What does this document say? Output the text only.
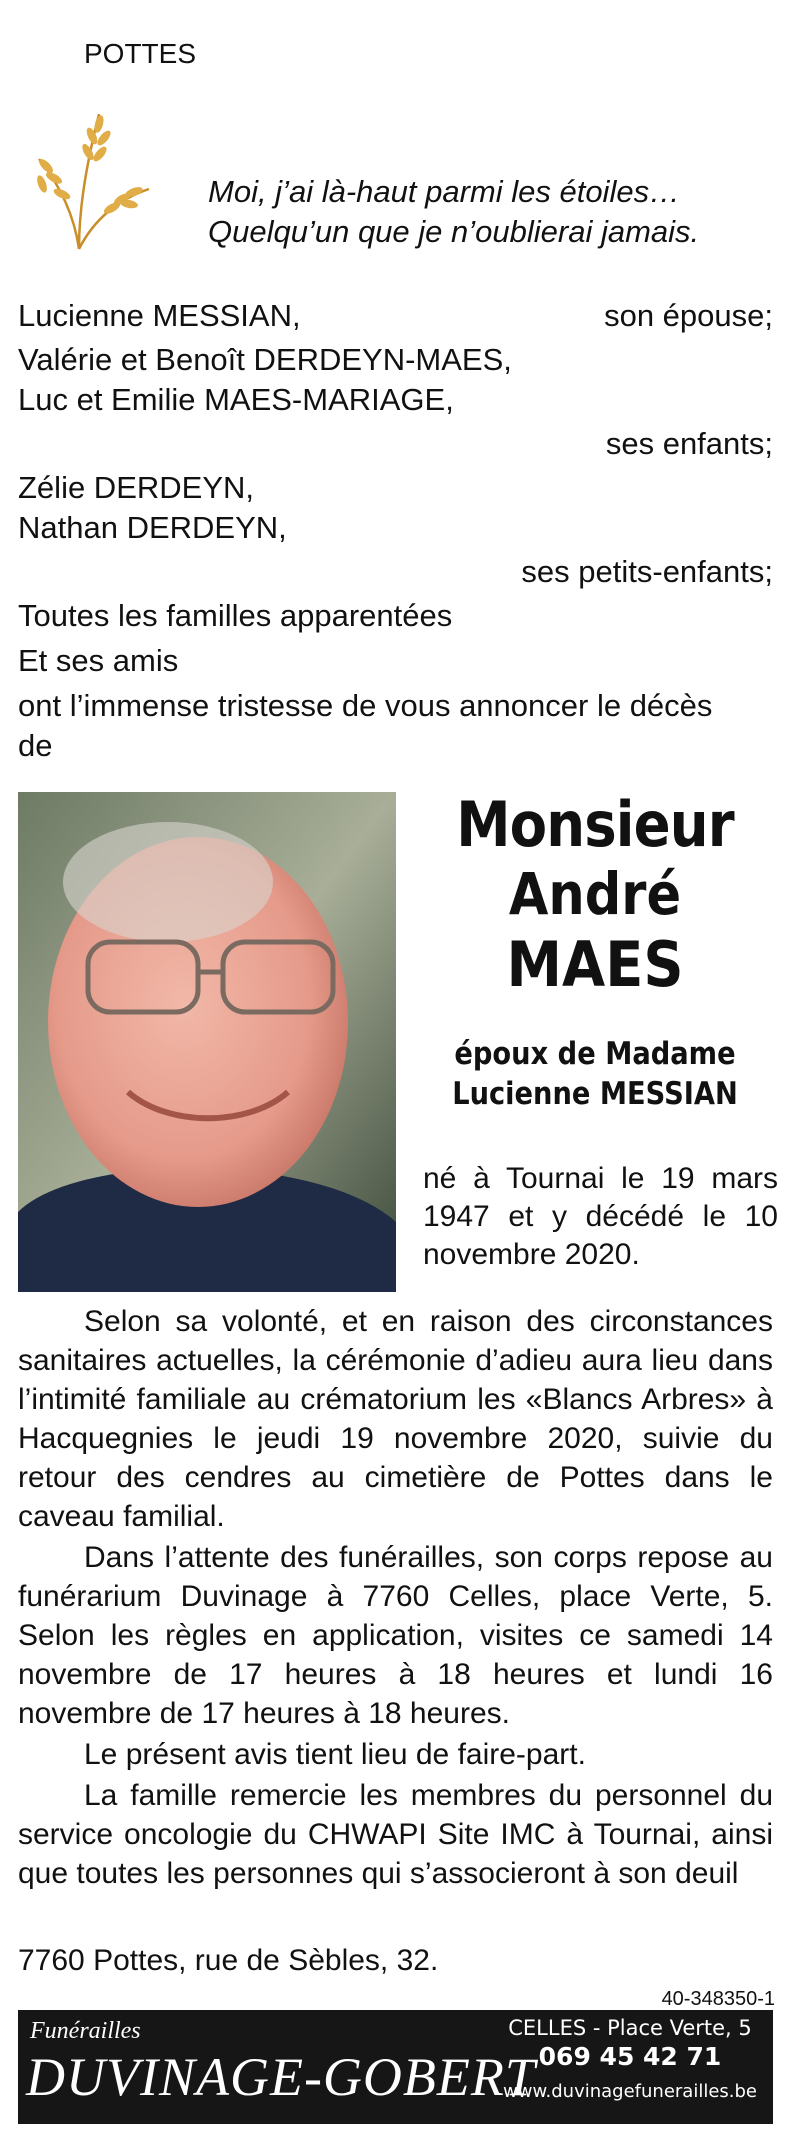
POTTES
Moi, j’ai là-haut parmi les étoiles…
Quelqu’un que je n’oublierai jamais.
Lucienne MESSIAN,	son épouse;
Valérie et Benoît DERDEYN-MAES,
Luc et Emilie MAES-MARIAGE,
ses enfants;
Zélie DERDEYN,
Nathan DERDEYN,
ses petits-enfants;
Toutes les familles apparentées
Et ses amis
ont l’immense tristesse de vous annoncer le décès
de
Monsieur
André
MAES
époux de Madame
Lucienne MESSIAN
né à Tournai le 19 mars 1947 et y décédé le 10 novembre 2020.

Selon sa volonté, et en raison des circonstances sanitaires actuelles, la cérémonie d’adieu aura lieu dans l’intimité familiale au crématorium les «Blancs Arbres» à Hacquegnies le jeudi 19 novembre 2020, suivie du retour des cendres au cimetière de Pottes dans le caveau familial.

Dans l’attente des funérailles, son corps repose au funérarium Duvinage à 7760 Celles, place Verte, 5. Selon les règles en application, visites ce samedi 14 novembre de 17 heures à 18 heures et lundi 16 novembre de 17 heures à 18 heures.

Le présent avis tient lieu de faire-part.

La famille remercie les membres du personnel du service oncologie du CHWAPI Site IMC à Tournai, ainsi que toutes les personnes qui s’associeront à son deuil

7760 Pottes, rue de Sèbles, 32.
40-348350-1
Funérailles
DUVINAGE-GOBERT
CELLES - Place Verte, 5
069 45 42 71
www.duvinagefunerailles.be
